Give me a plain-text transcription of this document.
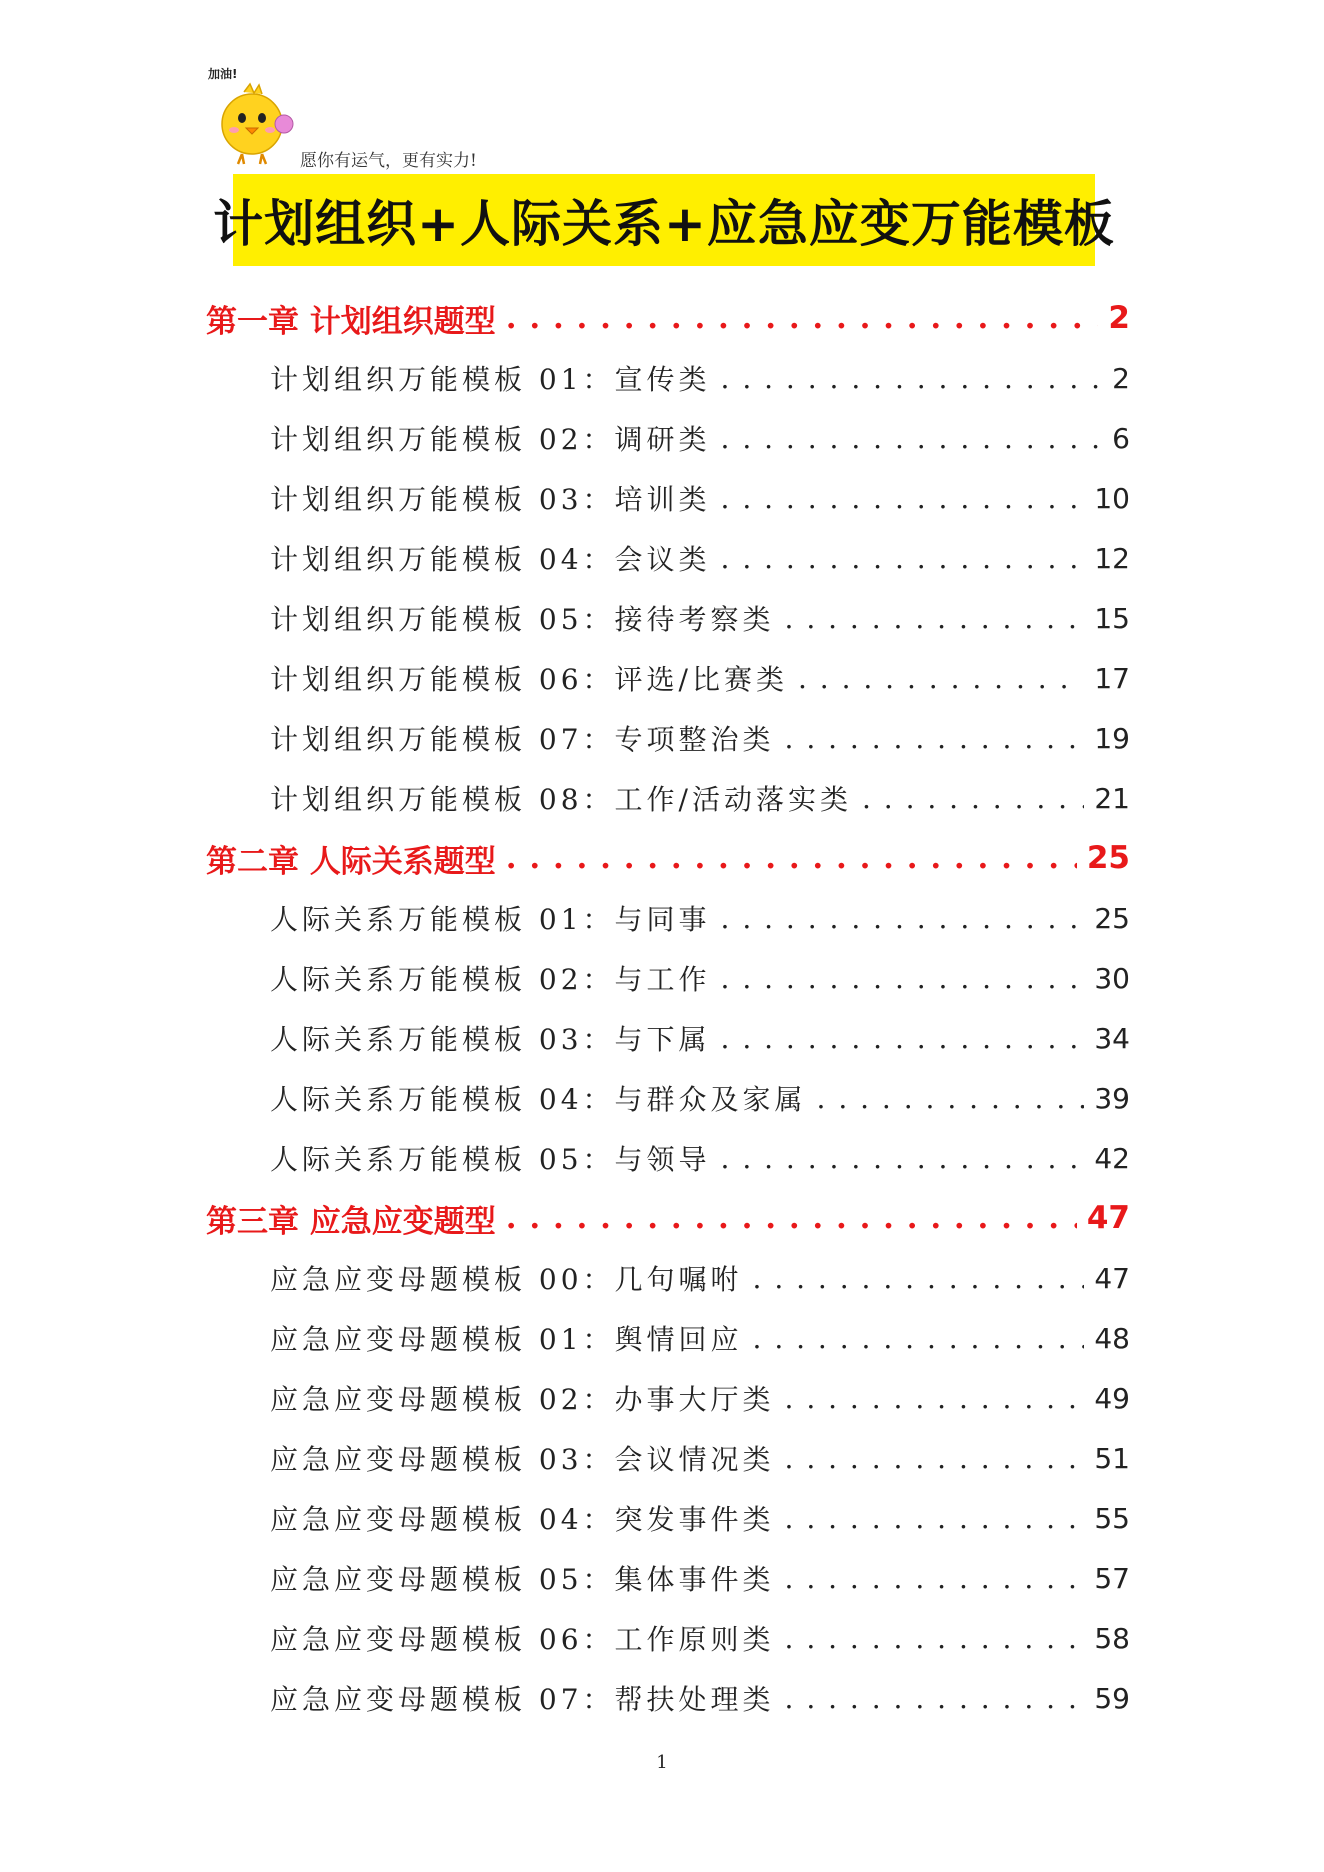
加油!
愿你有运气，更有实力!
计划组织+人际关系+应急应变万能模板
第一章 计划组织题型 . . .	2
计划组织万能模板 01：宣传类 . . .	2
计划组织万能模板 02：调研类 . . .	6
计划组织万能模板 03：培训类 . . .	10
计划组织万能模板 04：会议类 . . .	12
计划组织万能模板 05：接待考察类 . . .	15
计划组织万能模板 06：评选/比赛类 . . .	17
计划组织万能模板 07：专项整治类 . . .	19
计划组织万能模板 08：工作/活动落实类 . . .	21
第二章 人际关系题型 . . .	25
人际关系万能模板 01：与同事 . . .	25
人际关系万能模板 02：与工作 . . .	30
人际关系万能模板 03：与下属 . . .	34
人际关系万能模板 04：与群众及家属 . . .	39
人际关系万能模板 05：与领导 . . .	42
第三章 应急应变题型 . . .	47
应急应变母题模板 00：几句嘱咐 . . .	47
应急应变母题模板 01：舆情回应 . . .	48
应急应变母题模板 02：办事大厅类 . . .	49
应急应变母题模板 03：会议情况类 . . .	51
应急应变母题模板 04：突发事件类 . . .	55
应急应变母题模板 05：集体事件类 . . .	57
应急应变母题模板 06：工作原则类 . . .	58
应急应变母题模板 07：帮扶处理类 . . .	59
1
